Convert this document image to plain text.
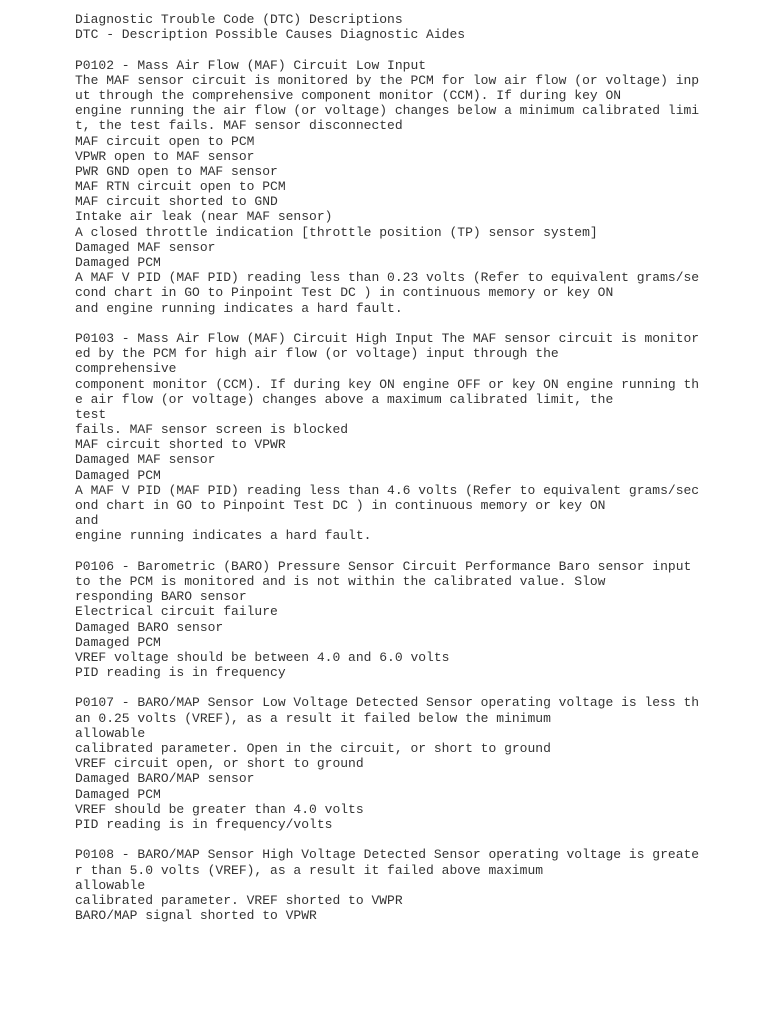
Diagnostic Trouble Code (DTC) Descriptions
DTC - Description Possible Causes Diagnostic Aides
P0102 - Mass Air Flow (MAF) Circuit Low Input
The MAF sensor circuit is monitored by the PCM for low air flow (or voltage) inp
ut through the comprehensive component monitor (CCM). If during key ON
engine running the air flow (or voltage) changes below a minimum calibrated limi
t, the test fails. MAF sensor disconnected
MAF circuit open to PCM
VPWR open to MAF sensor
PWR GND open to MAF sensor
MAF RTN circuit open to PCM
MAF circuit shorted to GND
Intake air leak (near MAF sensor)
A closed throttle indication [throttle position (TP) sensor system]
Damaged MAF sensor
Damaged PCM
A MAF V PID (MAF PID) reading less than 0.23 volts (Refer to equivalent grams/se
cond chart in GO to Pinpoint Test DC ) in continuous memory or key ON
and engine running indicates a hard fault.
P0103 - Mass Air Flow (MAF) Circuit High Input The MAF sensor circuit is monitor
ed by the PCM for high air flow (or voltage) input through the
comprehensive
component monitor (CCM). If during key ON engine OFF or key ON engine running th
e air flow (or voltage) changes above a maximum calibrated limit, the
test
fails. MAF sensor screen is blocked
MAF circuit shorted to VPWR
Damaged MAF sensor
Damaged PCM
A MAF V PID (MAF PID) reading less than 4.6 volts (Refer to equivalent grams/sec
ond chart in GO to Pinpoint Test DC ) in continuous memory or key ON
and
engine running indicates a hard fault.
P0106 - Barometric (BARO) Pressure Sensor Circuit Performance Baro sensor input
to the PCM is monitored and is not within the calibrated value. Slow
responding BARO sensor
Electrical circuit failure
Damaged BARO sensor
Damaged PCM
VREF voltage should be between 4.0 and 6.0 volts
PID reading is in frequency
P0107 - BARO/MAP Sensor Low Voltage Detected Sensor operating voltage is less th
an 0.25 volts (VREF), as a result it failed below the minimum
allowable
calibrated parameter. Open in the circuit, or short to ground
VREF circuit open, or short to ground
Damaged BARO/MAP sensor
Damaged PCM
VREF should be greater than 4.0 volts
PID reading is in frequency/volts
P0108 - BARO/MAP Sensor High Voltage Detected Sensor operating voltage is greate
r than 5.0 volts (VREF), as a result it failed above maximum
allowable
calibrated parameter. VREF shorted to VWPR
BARO/MAP signal shorted to VPWR
